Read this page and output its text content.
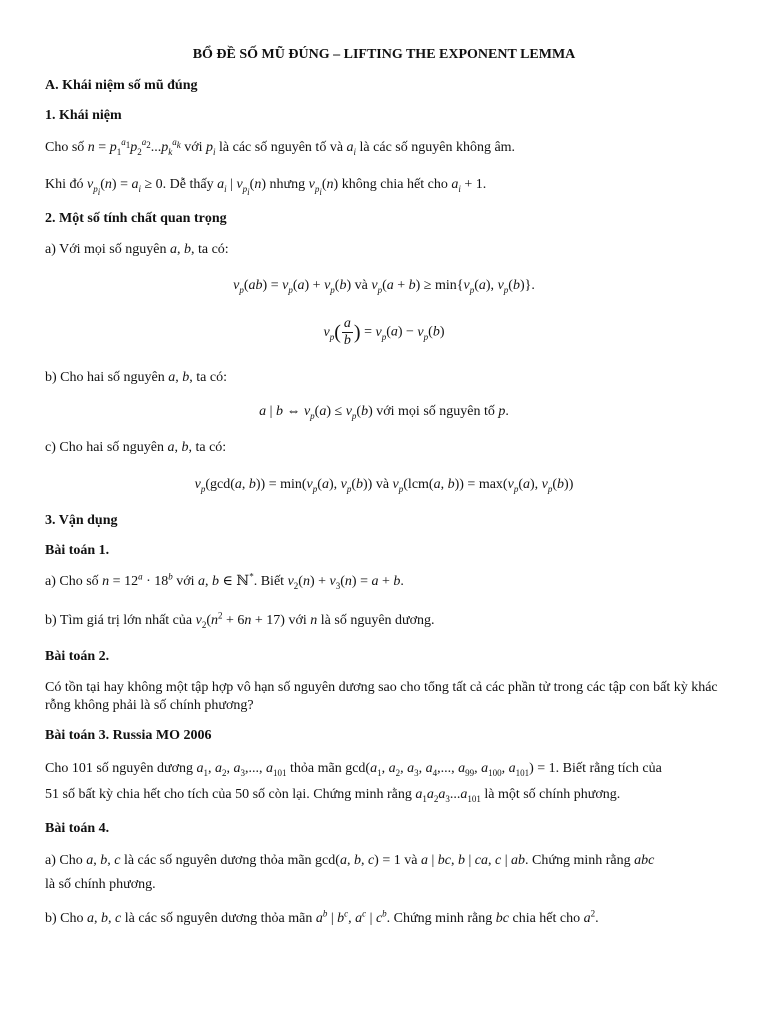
BỔ ĐỀ SỐ MŨ ĐÚNG – LIFTING THE EXPONENT LEMMA
A. Khái niệm số mũ đúng
1. Khái niệm
Cho số $n = p_1^{a_1}p_2^{a_2}...p_k^{a_k}$ với $p_i$ là các số nguyên tố và $a_i$ là các số nguyên không âm.
Khi đó $v_{p_i}(n) = a_i \ge 0$. Dễ thấy $a_i$ | $v_{p_i}(n)$ nhưng $v_{p_i}(n)$ không chia hết cho $a_i + 1$.
2. Một số tính chất quan trọng
a) Với mọi số nguyên a, b, ta có:
$v_p(ab) = v_p(a) + v_p(b)$ và $v_p(a + b) \ge \min\{v_p(a)$, $v_p(b)$}.
$v_p( \frac{a}{b}$ ) = $v_p(a) - v_p(b)$
b) Cho hai số nguyên a, b, ta có:
a | b ⇔ $v_p(a) \le v_p(b)$ với mọi số nguyên tố p.
c) Cho hai số nguyên a, b, ta có:
$v_p(\gcd(a$, $b)) = \min(v_p(a)$, $v_p(b)$) và $v_p(lcm(a$, $b)) = \max(v_p(a)$, $v_p(b)$)
3. Vận dụng
Bài toán 1.
a) Cho số $n = 12^a \cdot 18^b$ với a, b ∈ ℕ*. Biết $v_2(n) + v_3(n) = a + b$.
b) Tìm giá trị lớn nhất của $v_2(n^2 + 6n + 17)$ với n là số nguyên dương.
Bài toán 2.
Có tồn tại hay không một tập hợp vô hạn số nguyên dương sao cho tổng tất cả các phần tử trong các tập con bất kỳ khác rỗng không phải là số chính phương?
Bài toán 3. Russia MO 2006
Cho 101 số nguyên dương $a_1$, $a_2$, $a_3$,..., $a_{101}$ thỏa mãn $\gcd(a_1$, $a_2$, $a_3$, $a_4$,..., $a_{99}$, $a_{100}$, $a_{101}) = 1$. Biết rằng tích của
51 số bất kỳ chia hết cho tích của 50 số còn lại. Chứng minh rằng $a_1a_2a_3...a_{101}$ là một số chính phương.
Bài toán 4.
a) Cho a, b, c là các số nguyên dương thỏa mãn gcd(a, b, c) = 1 và a | bc, b | ca, c | ab. Chứng minh rằng abc
là số chính phương.
b) Cho a, b, c là các số nguyên dương thỏa mãn $a^b$ | $b^c$, $a^c$ | $c^b$. Chứng minh rằng bc chia hết cho $a^2$.
